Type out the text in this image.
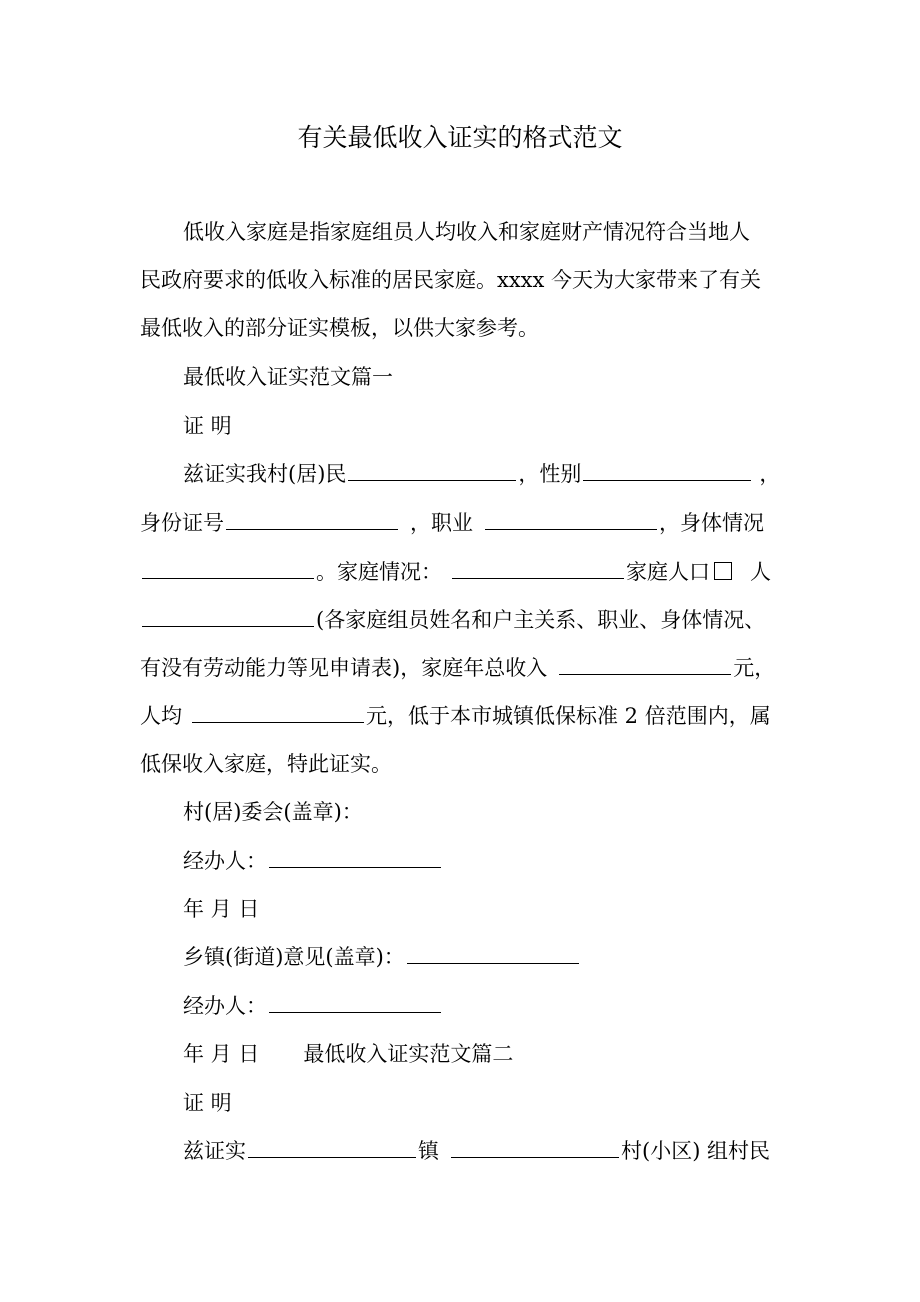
有关最低收入证实的格式范文
低收入家庭是指家庭组员人均收入和家庭财产情况符合当地人
民政府要求的低收入标准的居民家庭。xxxx 今天为大家带来了有关
最低收入的部分证实模板，以供大家参考。
最低收入证实范文篇一
证 明
兹证实我村(居)民	，性别	，
身份证号	，职业	，身体情况
。家庭情况：	家庭人口 人
(各家庭组员姓名和户主关系、职业、身体情况、
有没有劳动能力等见申请表)，家庭年总收入	元，
人均	元，低于本市城镇低保标准 2 倍范围内，属
低保收入家庭，特此证实。
村(居)委会(盖章)：
经办人：
年 月 日
乡镇(街道)意见(盖章)：
经办人：
年 月 日 最低收入证实范文篇二
证 明
兹证实	镇	村(小区) 组村民
